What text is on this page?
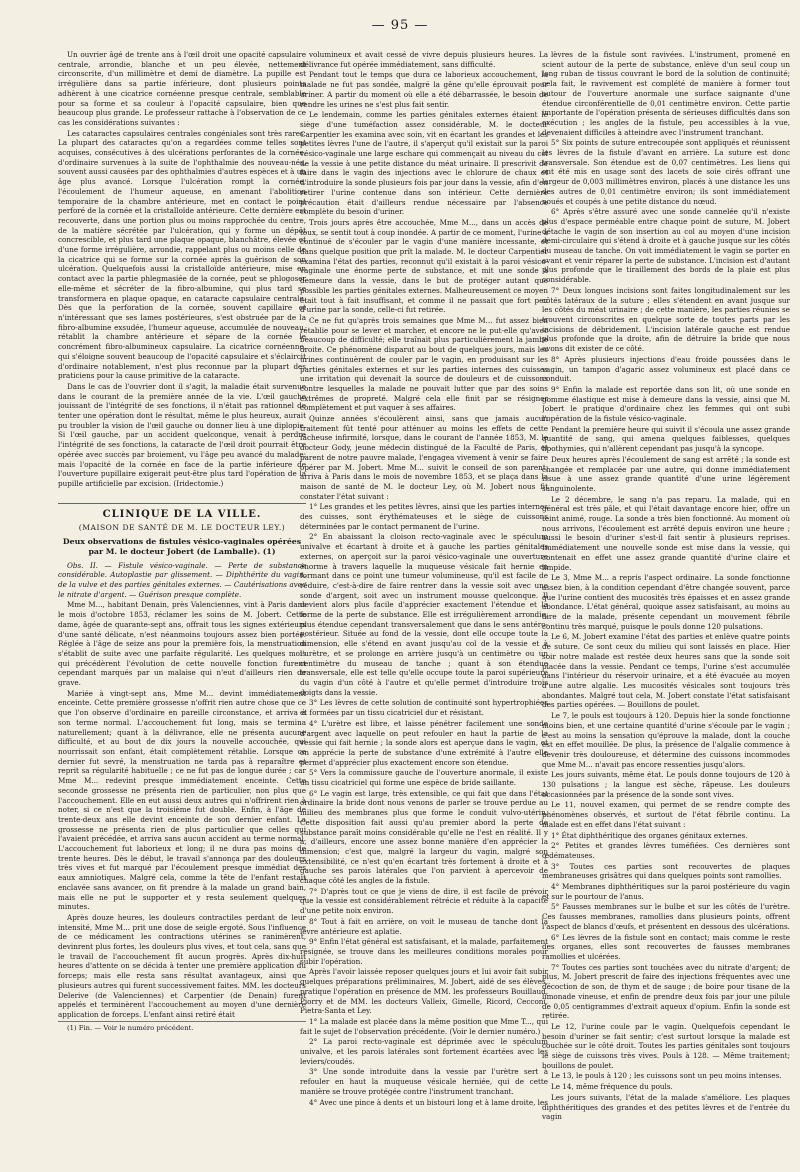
— 95 —

Un ouvrier âgé de trente ans à l'œil droit une opacité capsulaire centrale, arrondie, blanche et un peu élevée, nettement circonscrite, d'un millimètre et demi de diamètre. La pupille est irrégulière dans sa partie inférieure, dont plusieurs points adhèrent à une cicatrice cornéenne presque centrale, semblable pour sa forme et sa couleur à l'opacité capsulaire, bien que beaucoup plus grande. Le professeur rattache à l'observation de ce cas les considérations suivantes :

Les cataractes capsulaires centrales congéniales sont très rares. La plupart des cataractes qu'on a regardées comme telles sont acquises, consécutives à des ulcérations perforantes de la cornée, d'ordinaire survenues à la suite de l'ophthalmie des nouveau-nés, souvent aussi causées par des ophthalmies d'autres espèces et à un âge plus avancé. Lorsque l'ulcération rompt la cornée, l'écoulement de l'humeur aqueuse, en amenant l'abolition temporaire de la chambre antérieure, met en contact le point perforé de la cornée et la cristalloïde antérieure. Cette dernière est recouverte, dans une portion plus ou moins rapprochée du centre, de la matière sécrétée par l'ulcération, qui y forme un dépôt concrescible, et plus tard une plaque opaque, blanchâtre, élevée et d'une forme irrégulière, arrondie, rappelant plus ou moins celle de la cicatrice qui se forme sur la cornée après la guérison de son ulcération. Quelquefois aussi la cristalloïde antérieure, mise en contact avec la partie phlegmasiée de la cornée, peut se phlogoser elle-même et sécréter de la fibro-albumine, qui plus tard se transformera en plaque opaque, en cataracte capsulaire centrale. Dès que la perforation de la cornée, souvent capillaire et n'intéressant que ses lames postérieures, s'est obstruée par de la fibro-albumine exsudée, l'humeur aqueuse, accumulée de nouveau, rétablit la chambre antérieure et sépare de la cornée le concrément fibro-albumineux capsulaire. La cicatrice cornéenne, qui s'éloigne souvent beaucoup de l'opacité capsulaire et s'éclaircit d'ordinaire notablement, n'est plus reconnue par la plupart des praticiens pour la cause primitive de la cataracte.

Dans le cas de l'ouvrier dont il s'agit, la maladie était survenue dans le courant de la première année de la vie. L'œil gauche jouissant de l'intégrité de ses fonctions, il n'était pas rationnel de tenter une opération dont le résultat, même le plus heureux, aurait pu troubler la vision de l'œil gauche ou donner lieu à une diplopie. Si l'œil gauche, par un accident quelconque, venait à perdre l'intégrité de ses fonctions, la cataracte de l'œil droit pourrait être opérée avec succès par broiement, vu l'âge peu avancé du malade; mais l'opacité de la cornée en face de la partie inférieure de l'ouverture pupillaire exigerait peut-être plus tard l'opération de la pupille artificielle par excision. (Iridectomie.)

CLINIQUE DE LA VILLE.
(MAISON DE SANTÉ DE M. LE DOCTEUR LEY.)
Deux observations de fistules vésico-vaginales opérées par M. le docteur Jobert (de Lamballe). (1)

Obs. II. — Fistule vésico-vaginale. — Perte de substance considérable. Autoplastie par glissement. — Diphthérite du vagin, de la vulve et des parties génitales externes. — Cautérisations avec le nitrate d'argent. — Guérison presque complète.

Mme M..., habitant Denain, près Valenciennes, vint à Paris dans le mois d'octobre 1853, réclamer les soins de M. Jobert. Cette dame, âgée de quarante-sept ans, offrait tous les signes extérieurs d'une santé délicate, n'est néanmoins toujours assez bien portée. Réglée à l'âge de seize ans pour la première fois, la menstruation s'établit de suite avec une parfaite régularité. Les quelques mois qui précédèrent l'évolution de cette nouvelle fonction furent cependant marqués par un malaise qui n'eut d'ailleurs rien de grave.

Mariée à vingt-sept ans, Mme M... devint immédiatement enceinte. Cette première grossesse n'offrit rien autre chose que ce que l'on observe d'ordinaire en pareille circonstance, et arriva à son terme normal. L'accouchement fut long, mais se termina naturellement; quant à la délivrance, elle ne présenta aucune difficulté, et au bout de dix jours la nouvelle accouchée, qui nourrissait son enfant, était complètement rétablie. Lorsque ce dernier fut sevré, la menstruation ne tarda pas à reparaître et reprit sa régularité habituelle ; ce ne fut pas de longue durée ; car Mme M... redevint presque immédiatement enceinte. Cette seconde grossesse ne présenta rien de particulier, non plus que l'accouchement. Elle en eut aussi deux autres qui n'offrirent rien à noter, si ce n'est que la troisième fut double. Enfin, à l'âge de trente-deux ans elle devint enceinte de son dernier enfant. La grossesse ne présenta rien de plus particulier que celles qui l'avaient précédée, et arriva sans aucun accident au terme normal. L'accouchement fut laborieux et long; il ne dura pas moins de trente heures. Dès le début, le travail s'annonça par des douleurs très vives et fut marqué par l'écoulement presque immédiat des eaux amniotiques. Malgré cela, comme la tête de l'enfant restait enclavée sans avancer, on fit prendre à la malade un grand bain, mais elle ne put le supporter et y resta seulement quelques minutes.

Après douze heures, les douleurs contractiles perdant de leur intensité, Mme M... prit une dose de seigle ergoté. Sous l'influence de ce médicament les contractions utérines se ranimèrent, devinrent plus fortes, les douleurs plus vives, et tout cela, sans que le travail de l'accouchement fît aucun progrès. Après dix-huit heures d'attente on se décida à tenter une première application du forceps; mais elle resta sans résultat avantageux, ainsi que plusieurs autres qui furent successivement faites. MM. les docteurs Delerive (de Valenciennes) et Carpentier (de Denain) furent appelés et terminèrent l'accouchement au moyen d'une dernière application de forceps. L'enfant ainsi retiré était

(1) Fin. — Voir le numéro précédent.

volumineux et avait cessé de vivre depuis plusieurs heures. La délivrance fut opérée immédiatement, sans difficulté.

Pendant tout le temps que dura ce laborieux accouchement, la malade ne fut pas sondée, malgré la gêne qu'elle éprouvait pour uriner. A partir du moment où elle a été débarrassée, le besoin de rendre les urines ne s'est plus fait sentir.

Le lendemain, comme les parties génitales externes étaient le siège d'une tuméfaction assez considérable, M. le docteur Carpentier les examina avec soin, vit en écartant les grandes et les petites lèvres l'une de l'autre, il s'aperçut qu'il existait sur la paroi vésico-vaginale une large eschare qui commençait au niveau du col de la vessie à une petite distance du méat urinaire. Il prescrivit de faire dans le vagin des injections avec le chlorure de chaux et d'introduire la sonde plusieurs fois par jour dans la vessie, afin d'en retirer l'urine contenue dans son intérieur. Cette dernière précaution était d'ailleurs rendue nécessaire par l'absence complète du besoin d'uriner.

Trois jours après être accouchée, Mme M..., dans un accès de toux, se sentit tout à coup inondée. A partir de ce moment, l'urine a continué de s'écouler par le vagin d'une manière incessante, et dans quelque position que prît la malade. M. le docteur Carpentier examina l'état des parties, reconnut qu'il existait à la paroi vésico-vaginale une énorme perte de substance, et mit une sonde à demeure dans la vessie, dans le but de protéger autant que possible les parties génitales externes. Malheureusement ce moyen était tout à fait insuffisant, et comme il ne passait que fort peu d'urine par la sonde, celle-ci fut retirée.

Ce ne fut qu'après trois semaines que Mme M... fut assez bien rétablie pour se lever et marcher, et encore ne le put-elle qu'avec beaucoup de difficulté; elle traînait plus particulièrement la jambe droite. Ce phénomène disparut au bout de quelques jours, mais les urines continuèrent de couler par le vagin, en produisant sur les parties génitales externes et sur les parties internes des cuisses une irritation qui devenait la source de douleurs et de cuissons contre lesquelles la malade ne pouvait lutter que par des soins extrêmes de propreté. Malgré cela elle finit par se résigner complètement et put vaquer à ses affaires.

Quinze années s'écoulèrent ainsi, sans que jamais aucun traitement fût tenté pour atténuer au moins les effets de cette fâcheuse infirmité, lorsque, dans le courant de l'année 1853, M. le docteur Gody, jeune médecin distingué de la Faculté de Paris, et parent de notre pauvre malade, l'engagea vivement à venir se faire opérer par M. Jobert. Mme M... suivit le conseil de son parent, arriva à Paris dans le mois de novembre 1853, et se plaça dans la maison de santé de M. le docteur Ley, où M. Jobert nous fit constater l'état suivant :

1° Les grandes et les petites lèvres, ainsi que les parties internes des cuisses, sont érythémateuses et le siège de cuissons déterminées par le contact permanent de l'urine.

2° En abaissant la cloison recto-vaginale avec le spéculum univalve et écartant à droite et à gauche les parties génitales externes, on aperçoit sur la paroi vésico-vaginale une ouverture énorme à travers laquelle la muqueuse vésicale fait hernie en formant dans ce point une tumeur volumineuse, qu'il est facile de réduire, c'est-à-dire de faire rentrer dans la vessie soit avec une sonde d'argent, soit avec un instrument mousse quelconque. Il devient alors plus facile d'apprécier exactement l'étendue et la forme de la perte de substance. Elle est irrégulièrement arrondie, plus étendue cependant transversalement que dans le sens antéro-postérieur. Située au fond de la vessie, dont elle occupe toute la dimension, elle s'étend en avant jusqu'au col de la vessie et à l'urètre, et se prolonge en arrière jusqu'à un centimètre ou un centimètre du museau de tanche ; quant à son étendue transversale, elle est telle qu'elle occupe toute la paroi supérieure du vagin d'un côté à l'autre et qu'elle permet d'introduire trois doigts dans la vessie.

3° Les lèvres de cette solution de continuité sont hypertrophiées et formées par un tissu cicatriciel dur et résistant.

4° L'urètre est libre, et laisse pénétrer facilement une sonde d'argent avec laquelle on peut refouler en haut la partie de la vessie qui fait hernie ; la sonde alors est aperçue dans le vagin, et on apprécie la perte de substance d'une extrémité à l'autre elle permet d'apprécier plus exactement encore son étendue.

5° Vers la commissure gauche de l'ouverture anormale, il existe un tissu cicatriciel qui forme une espèce de bride saillante.

6° Le vagin est large, très extensible, ce qui fait que dans l'état ordinaire la bride dont nous venons de parler se trouve perdue au milieu des membranes plus que forme le conduit vulvo-utérin. Cette disposition fait aussi qu'au premier abord la perte de substance paraît moins considérable qu'elle ne l'est en réalité. Il y a, d'ailleurs, encore une assez bonne manière d'en apprécier la dimension; c'est que, malgré la largeur du vagin, malgré son extensibilité, ce n'est qu'en écartant très fortement à droite et à gauche ses parois latérales que l'on parvient à apercevoir de chaque côté les angles de la fistule.

7° D'après tout ce que je viens de dire, il est facile de prévoir que la vessie est considérablement rétrécie et réduite à la capacité d'une petite noix environ.

8° Tout à fait en arrière, on voit le museau de tanche dont la lèvre antérieure est aplatie.

9° Enfin l'état général est satisfaisant, et la malade, parfaitement résignée, se trouve dans les meilleures conditions morales pour subir l'opération.

Après l'avoir laissée reposer quelques jours et lui avoir fait subir quelques préparations préliminaires, M. Jobert, aidé de ses élèves, pratique l'opération en présence de MM. les professeurs Bouillaud, Piorry et de MM. les docteurs Valleix, Gimelle, Ricord, Cecconi, Pietra-Santa et Ley.

1° La malade est placée dans la même position que Mme T..., qui fait le sujet de l'observation précédente. (Voir le dernier numéro.)

2° La paroi recto-vaginale est déprimée avec le spéculum univalve, et les parois latérales sont fortement écartées avec les leviers/coudés.

3° Une sonde introduite dans la vessie par l'urètre sert à refouler en haut la muqueuse vésicale herniée, qui de cette manière se trouve protégée contre l'instrument tranchant.

4° Avec une pince à dents et un bistouri long et à lame droite, les

lèvres de la fistule sont ravivées. L'instrument, promené en scient autour de la perte de substance, enlève d'un seul coup un long ruban de tissus couvrant le bord de la solution de continuité; cela fait, le ravivement est complété de manière à former tout autour de l'ouverture anormale une surface saignante d'une étendue circonférentielle de 0,01 centimètre environ. Cette partie importante de l'opération présenta de sérieuses difficultés dans son exécution ; les angles de la fistule, peu accessibles à la vue, devenaient difficiles à atteindre avec l'instrument tranchant.

5° Six points de suture entrecoupée sont appliqués et réunissent les lèvres de la fistule d'avant en arrière. La suture est donc transversale. Son étendue est de 0,07 centimètres. Les liens qui ont été mis en usage sont des lacets de soie cirés offrant une largeur de 0,003 millimètres environ, placés à une distance les uns des autres de 0,01 centimètre environ; ils sont immédiatement noués et coupés à une petite distance du nœud.

6° Après s'être assuré avec une sonde cannelée qu'il n'existe plus d'espace perméable entre chaque point de suture, M. Jobert détache le vagin de son insertion au col au moyen d'une incision demi-circulaire qui s'étend à droite et à gauche jusque sur les côtés du museau de tanche. On voit immédiatement le vagin se porter en avant et venir réparer la perte de substance. L'incision est d'autant plus profonde que le tiraillement des bords de la plaie est plus considérable.

7° Deux longues incisions sont faites longitudinalement sur les côtés latéraux de la suture ; elles s'étendent en avant jusque sur les côtés du méat urinaire ; de cette manière, les parties réunies se trouvent circonscrites en quelque sorte de toutes parts par les incisions de débridement. L'incision latérale gauche est rendue plus profonde que la droite, afin de détruire la bride que nous avons dit exister de ce côté.

8° Après plusieurs injections d'eau froide poussées dans le vagin, un tampon d'agaric assez volumineux est placé dans ce conduit.

9° Enfin la malade est reportée dans son lit, où une sonde en gomme élastique est mise à demeure dans la vessie, ainsi que M. Jobert le pratique d'ordinaire chez les femmes qui ont subi l'opération de la fistule vésico-vaginale.

Pendant la première heure qui suivit il s'écoula une assez grande quantité de sang, qui amena quelques faiblesses, quelques lipothymies, qui n'allèrent cependant pas jusqu'à la syncope.

Deux heures après l'écoulement de sang est arrêté ; la sonde est changée et remplacée par une autre, qui donne immédiatement issue à une assez grande quantité d'une urine légèrement sanguinolente.

Le 2 décembre, le sang n'a pas reparu. La malade, qui en général est très pâle, et qui l'était davantage encore hier, offre un teint animé, rouge. La sonde a très bien fonctionné. Au moment où nous arrivons, l'écoulement est arrêté depuis environ une heure ; aussi le besoin d'uriner s'est-il fait sentir à plusieurs reprises. Immédiatement une nouvelle sonde est mise dans la vessie, qui contenait en effet une assez grande quantité d'urine claire et limpide.

Le 3, Mme M... a repris l'aspect ordinaire. La sonde fonctionne assez bien, à la condition cependant d'être changée souvent, parce que l'urine contient des mucosités très épaisses et en assez grande abondance. L'état général, quoique assez satisfaisant, au moins au dire de la malade, présente cependant un mouvement fébrile continu très marqué, puisque le pouls donne 120 pulsations.

Le 6, M. Jobert examine l'état des parties et enlève quatre points de suture. Ce sont ceux du milieu qui sont laissés en place. Hier soir notre malade est restée deux heures sans que la sonde soit placée dans la vessie. Pendant ce temps, l'urine s'est accumulée dans l'intérieur du réservoir urinaire, et a été évacuée au moyen d'une autre algalie. Les mucosités vésicales sont toujours très abondantes. Malgré tout cela, M. Jobert constate l'état satisfaisant des parties opérées. — Bouillons de poulet.

Le 7, le pouls est toujours à 120. Depuis hier la sonde fonctionne moins bien, et une certaine quantité d'urine s'écoule par le vagin ; c'est au moins la sensation qu'éprouve la malade, dont la couche est en effet mouillée. De plus, la présence de l'algalie commence à devenir très douloureuse, et détermine des cuissons incommodes que Mme M... n'avait pas encore ressenties jusqu'alors.

Les jours suivants, même état. Le pouls donne toujours de 120 à 130 pulsations ; la langue est sèche, râpeuse. Les douleurs occasionnées par la présence de la sonde sont vives.

Le 11, nouvel examen, qui permet de se rendre compte des phénomènes observés, et surtout de l'état fébrile continu. La malade est en effet dans l'état suivant :

1° État diphthéritique des organes génitaux externes.

2° Petites et grandes lèvres tuméfiées. Ces dernières sont œdémateuses.

3° Toutes ces parties sont recouvertes de plaques membraneuses grisâtres qui dans quelques points sont ramollies.

4° Membranes diphthéritiques sur la paroi postérieure du vagin et sur le pourtour de l'anus.

5° Fausses membranes sur le bulbe et sur les côtés de l'urètre. Ces fausses membranes, ramollies dans plusieurs points, offrent l'aspect de blancs d'œufs, et présentent en dessous des ulcérations.

6° Les lèvres de la fistule sont en contact; mais comme le reste des organes, elles sont recouvertes de fausses membranes ramollies et ulcérées.

7° Toutes ces parties sont touchées avec du nitrate d'argent; de plus, M. Jobert prescrit de faire des injections fréquentes avec une décoction de son, de thym et de sauge ; de boire pour tisane de la limonade vineuse, et enfin de prendre deux fois par jour une pilule de 0,05 centigrammes d'extrait aqueux d'opium. Enfin la sonde est retirée.

Le 12, l'urine coule par le vagin. Quelquefois cependant le besoin d'uriner se fait sentir; c'est surtout lorsque la malade est couchée sur le côté droit. Toutes les parties génitales sont toujours le siège de cuissons très vives. Pouls à 128. — Même traitement; bouillons de poulet.

Le 13, le pouls à 120 ; les cuissons sont un peu moins intenses.

Le 14, même fréquence du pouls.

Les jours suivants, l'état de la malade s'améliore. Les plaques diphthéritiques des grandes et des petites lèvres et de l'entrée du vagin
